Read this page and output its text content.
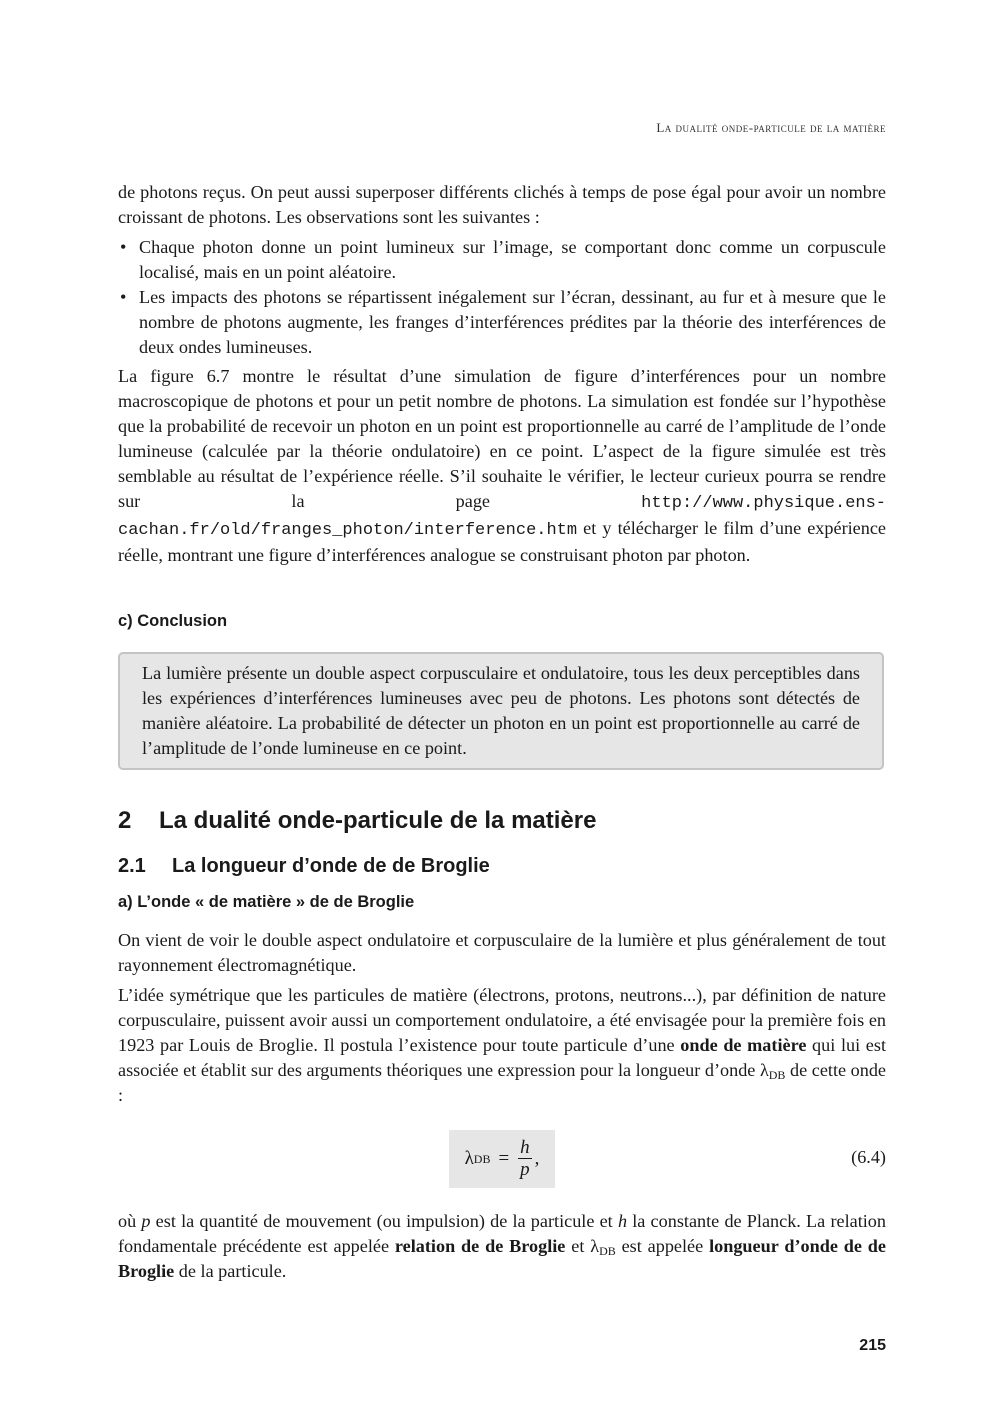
La dualité onde-particule de la matière

de photons reçus. On peut aussi superposer différents clichés à temps de pose égal pour avoir un nombre croissant de photons. Les observations sont les suivantes :

• Chaque photon donne un point lumineux sur l’image, se comportant donc comme un corpuscule localisé, mais en un point aléatoire.
• Les impacts des photons se répartissent inégalement sur l’écran, dessinant, au fur et à mesure que le nombre de photons augmente, les franges d’interférences prédites par la théorie des interférences de deux ondes lumineuses.

La figure 6.7 montre le résultat d’une simulation de figure d’interférences pour un nombre macroscopique de photons et pour un petit nombre de photons. La simulation est fondée sur l’hypothèse que la probabilité de recevoir un photon en un point est proportionnelle au carré de l’amplitude de l’onde lumineuse (calculée par la théorie ondulatoire) en ce point. L’aspect de la figure simulée est très semblable au résultat de l’expérience réelle. S’il souhaite le vérifier, le lecteur curieux pourra se rendre sur la page http://www.physique.ens-cachan.fr/old/franges_photon/interference.htm et y télécharger le film d’une expérience réelle, montrant une figure d’interférences analogue se construisant photon par photon.

c) Conclusion

La lumière présente un double aspect corpusculaire et ondulatoire, tous les deux perceptibles dans les expériences d’interférences lumineuses avec peu de photons. Les photons sont détectés de manière aléatoire. La probabilité de détecter un photon en un point est proportionnelle au carré de l’amplitude de l’onde lumineuse en ce point.

2 La dualité onde-particule de la matière
2.1 La longueur d’onde de de Broglie
a) L’onde « de matière » de de Broglie

On vient de voir le double aspect ondulatoire et corpusculaire de la lumière et plus généralement de tout rayonnement électromagnétique.

L’idée symétrique que les particules de matière (électrons, protons, neutrons...), par définition de nature corpusculaire, puissent avoir aussi un comportement ondulatoire, a été envisagée pour la première fois en 1923 par Louis de Broglie. Il postula l’existence pour toute particule d’une onde de matière qui lui est associée et établit sur des arguments théoriques une expression pour la longueur d’onde $\lambda_{DB}$ de cette onde :

λ DB = $\frac{h}{p}$ ,	(6.4)

où p est la quantité de mouvement (ou impulsion) de la particule et h la constante de Planck. La relation fondamentale précédente est appelée relation de de Broglie et $\lambda_{DB}$ est appelée longueur d’onde de de Broglie de la particule.

215
